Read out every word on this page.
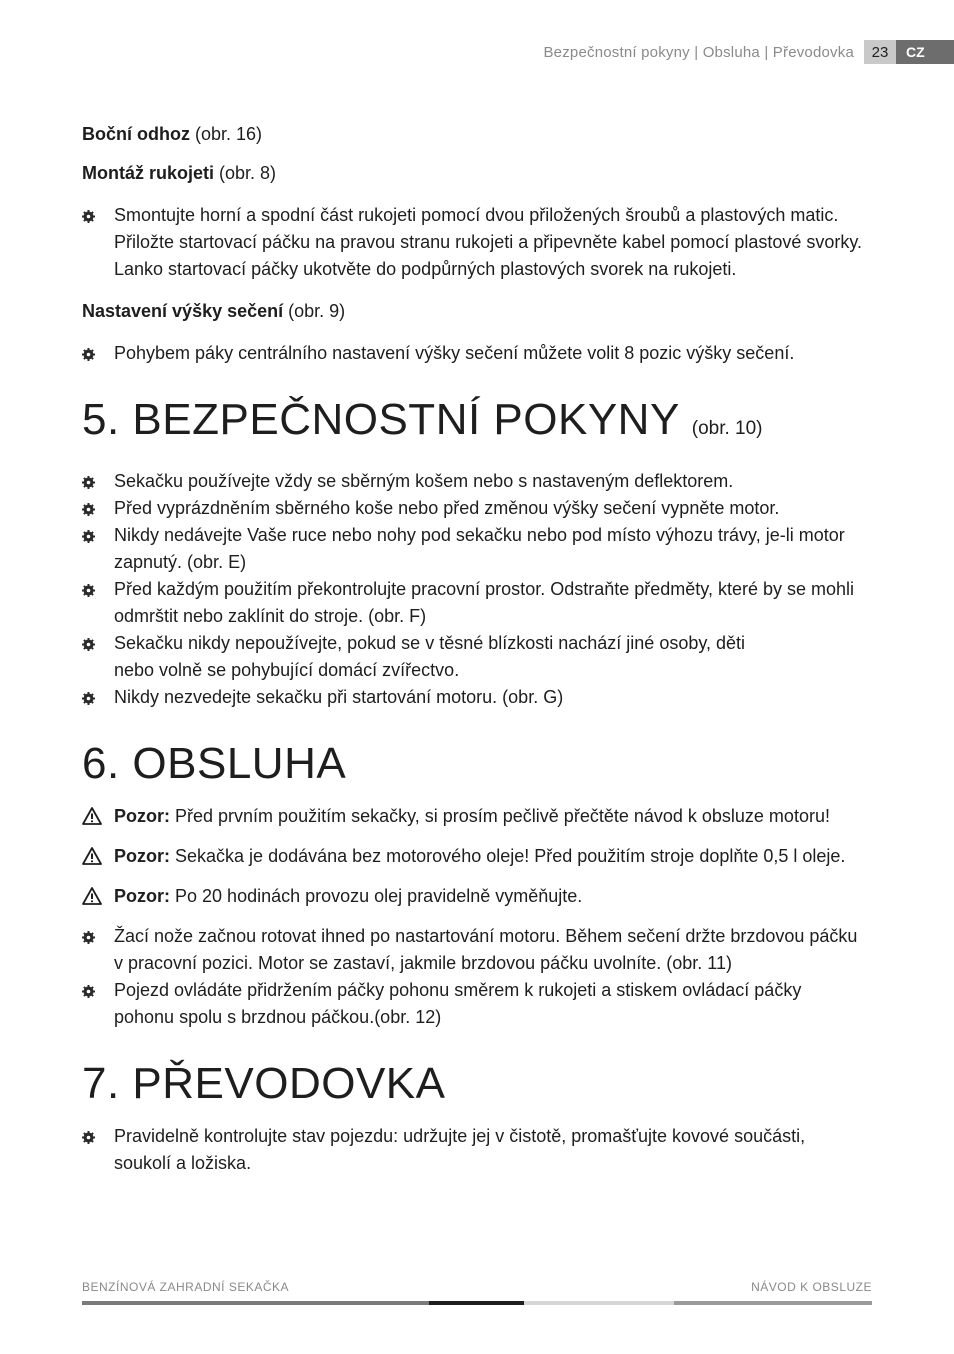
Bezpečnostní pokyny | Obsluha | Převodovka	23	CZ
Boční odhoz (obr. 16)
Montáž rukojeti (obr. 8)
Smontujte horní a spodní část rukojeti pomocí dvou přiložených šroubů a plastových matic.
Přiložte startovací páčku na pravou stranu rukojeti a připevněte kabel pomocí plastové svorky.
Lanko startovací páčky ukotvěte do podpůrných plastových svorek na rukojeti.
Nastavení výšky sečení (obr. 9)
Pohybem páky centrálního nastavení výšky sečení můžete volit 8 pozic výšky sečení.
5. BEZPEČNOSTNÍ POKYNY (obr. 10)
Sekačku používejte vždy se sběrným košem nebo s nastaveným deflektorem.
Před vyprázdněním sběrného koše nebo před změnou výšky sečení vypněte motor.
Nikdy nedávejte Vaše ruce nebo nohy pod sekačku nebo pod místo výhozu trávy, je-li motor
zapnutý. (obr. E)
Před každým použitím překontrolujte pracovní prostor. Odstraňte předměty, které by se mohli
odmrštit nebo zaklínit do stroje. (obr. F)
Sekačku nikdy nepoužívejte, pokud se v těsné blízkosti nachází jiné osoby, děti
nebo volně se pohybující domácí zvířectvo.
Nikdy nezvedejte sekačku při startování motoru. (obr. G)
6. OBSLUHA
Pozor: Před prvním použitím sekačky, si prosím pečlivě přečtěte návod k obsluze motoru!
Pozor: Sekačka je dodávána bez motorového oleje! Před použitím stroje doplňte 0,5 l oleje.
Pozor: Po 20 hodinách provozu olej pravidelně vyměňujte.
Žací nože začnou rotovat ihned po nastartování motoru. Během sečení držte brzdovou páčku
v pracovní pozici. Motor se zastaví, jakmile brzdovou páčku uvolníte. (obr. 11)
Pojezd ovládáte přidržením páčky pohonu směrem k rukojeti a stiskem ovládací páčky
pohonu spolu s brzdnou páčkou.(obr. 12)
7. PŘEVODOVKA
Pravidelně kontrolujte stav pojezdu: udržujte jej v čistotě, promašťujte kovové součásti,
soukolí a ložiska.
BENZÍNOVÁ ZAHRADNÍ SEKAČKA	NÁVOD K OBSLUZE
